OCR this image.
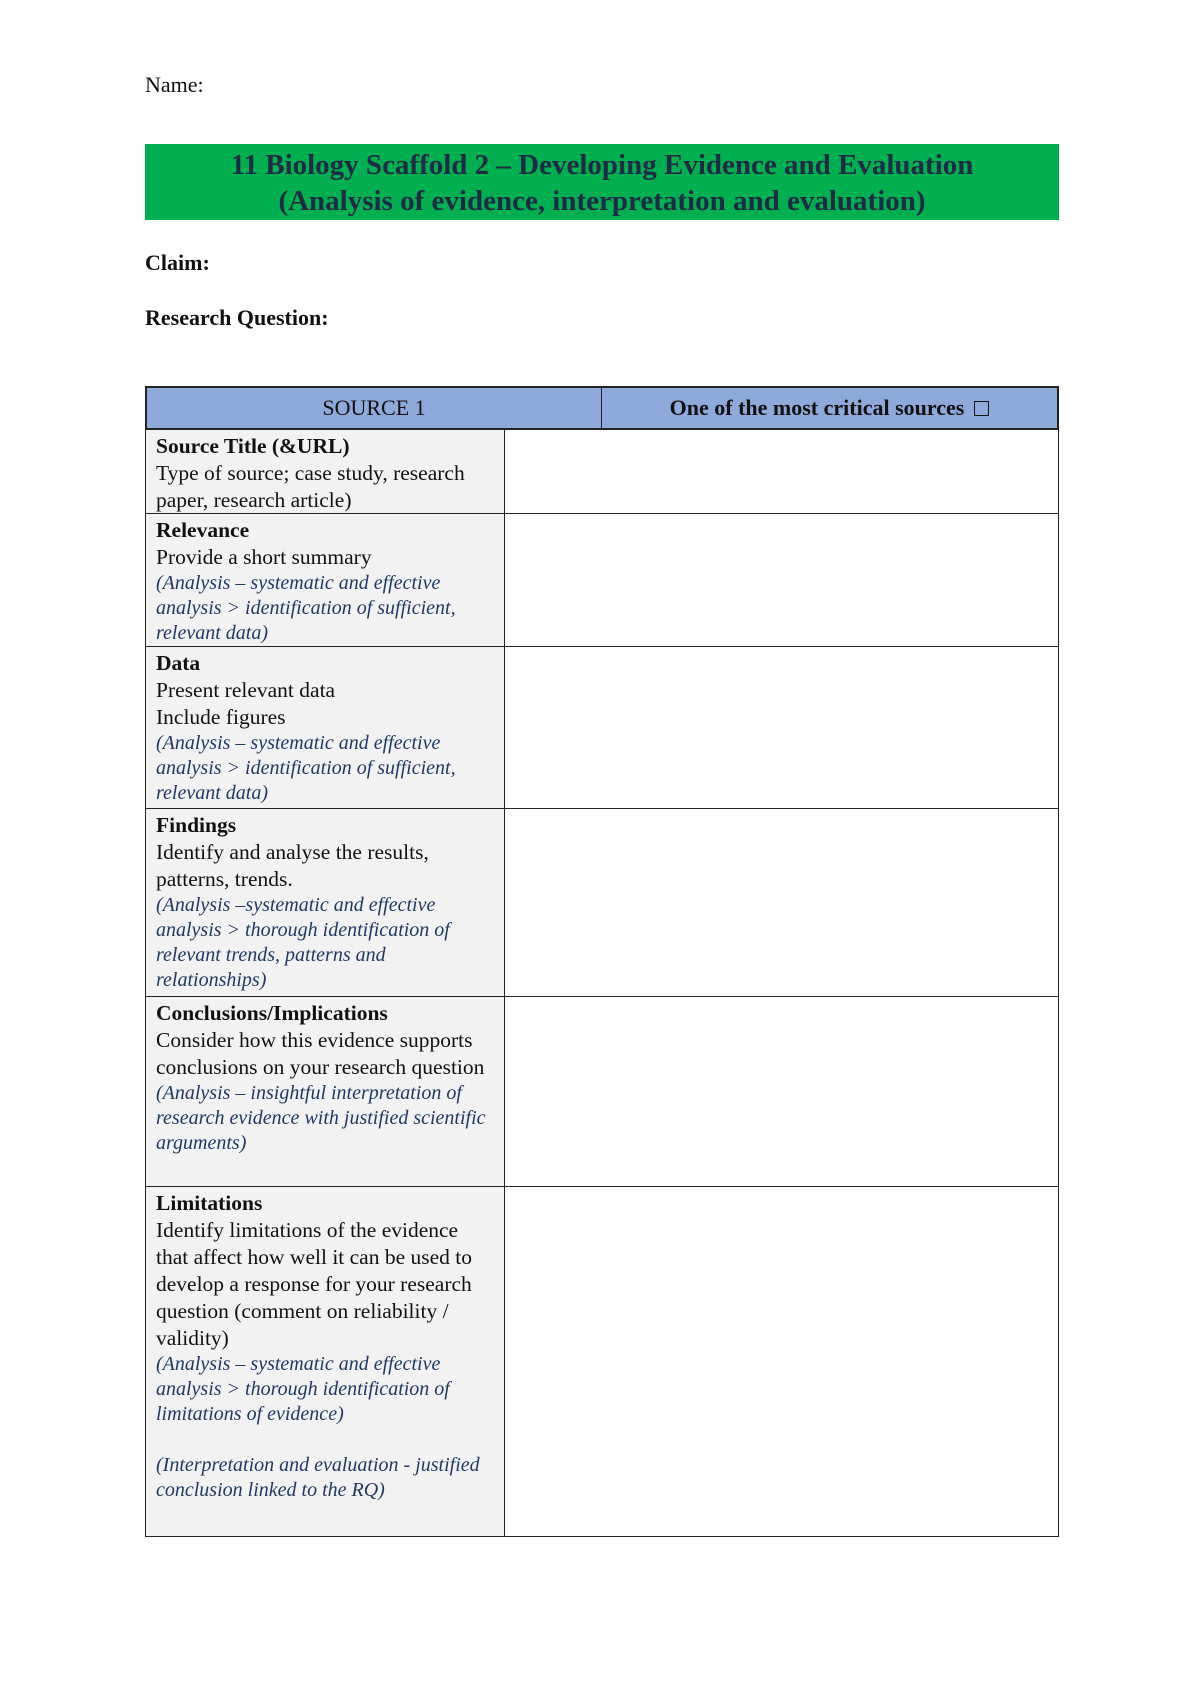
Name:
11 Biology Scaffold 2 – Developing Evidence and Evaluation
(Analysis of evidence, interpretation and evaluation)
Claim:
Research Question:
SOURCE 1	One of the most critical sources
Source Title (&URL)
Type of source; case study, research paper, research article)
Relevance
Provide a short summary
(Analysis – systematic and effective analysis > identification of sufficient, relevant data)
Data
Present relevant data
Include figures
(Analysis – systematic and effective analysis > identification of sufficient, relevant data)
Findings
Identify and analyse the results, patterns, trends.
(Analysis –systematic and effective analysis > thorough identification of relevant trends, patterns and relationships)
Conclusions/Implications
Consider how this evidence supports conclusions on your research question
(Analysis – insightful interpretation of research evidence with justified scientific arguments)
Limitations
Identify limitations of the evidence that affect how well it can be used to develop a response for your research question (comment on reliability / validity)
(Analysis – systematic and effective analysis > thorough identification of limitations of evidence)
(Interpretation and evaluation - justified conclusion linked to the RQ)
